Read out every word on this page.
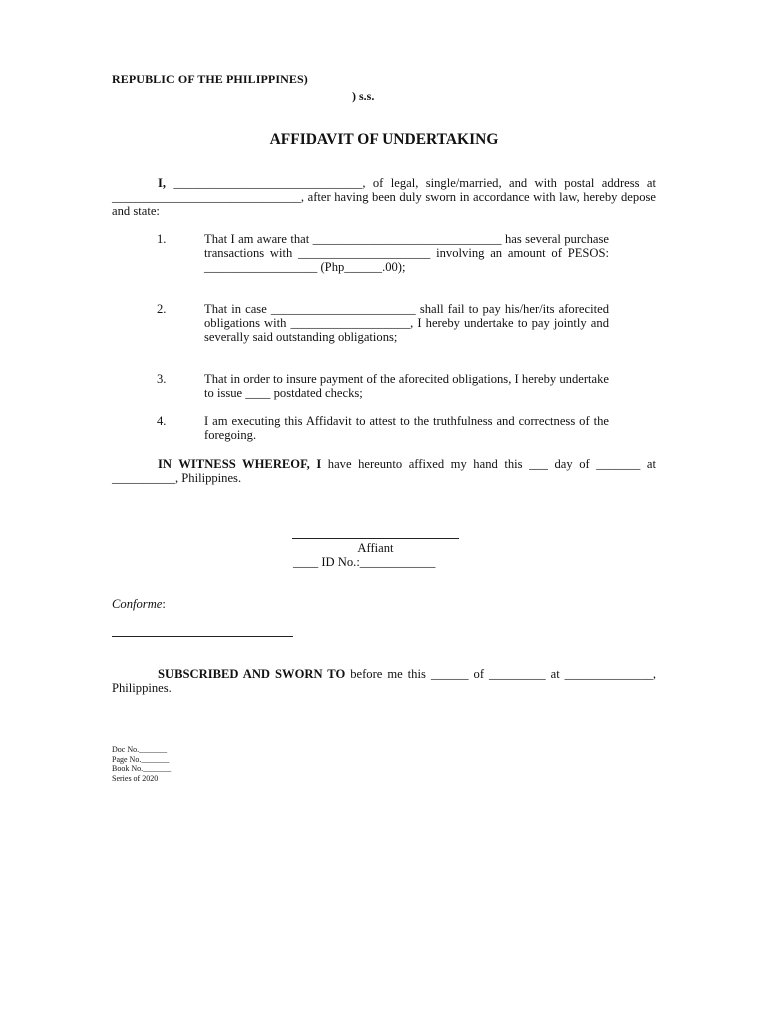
REPUBLIC OF THE PHILIPPINES)
) s.s.
AFFIDAVIT OF UNDERTAKING
I, ______________________________, of legal, single/married, and with postal address at ______________________________, after having been duly sworn in accordance with law, hereby depose and state:
1.	That I am aware that ______________________________ has several purchase transactions with _____________________ involving an amount of PESOS: __________________ (Php______.00);
2.	That in case _______________________ shall fail to pay his/her/its aforecited obligations with ___________________, I hereby undertake to pay jointly and severally said outstanding obligations;
3.	That in order to insure payment of the aforecited obligations, I hereby undertake to issue ____ postdated checks;
4.	I am executing this Affidavit to attest to the truthfulness and correctness of the foregoing.
IN WITNESS WHEREOF, I have hereunto affixed my hand this ___ day of _______ at __________, Philippines.
Affiant
____ ID No.:____________
Conforme:
SUBSCRIBED AND SWORN TO before me this ______ of _________ at ______________, Philippines.
Doc No._______
Page No._______
Book No._______
Series of 2020
